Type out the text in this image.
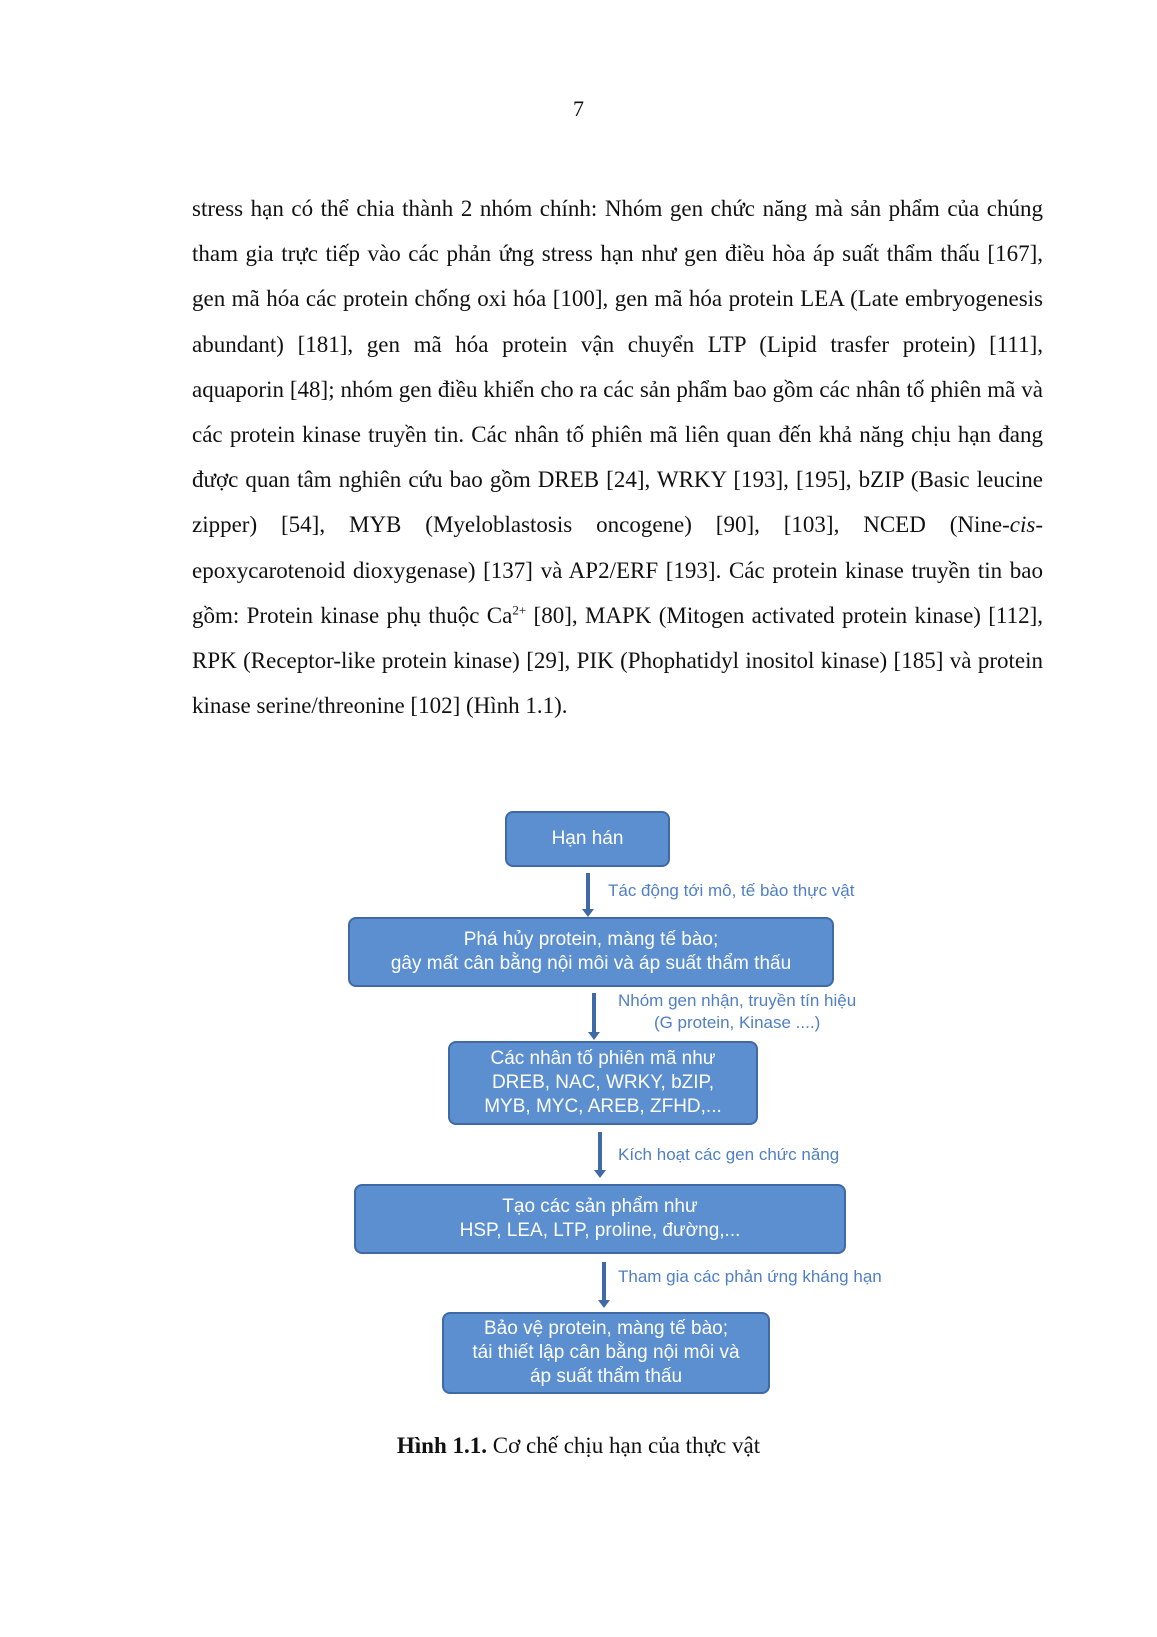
7
stress hạn có thể chia thành 2 nhóm chính: Nhóm gen chức năng mà sản phẩm của chúng tham gia trực tiếp vào các phản ứng stress hạn như gen điều hòa áp suất thẩm thấu [167], gen mã hóa các protein chống oxi hóa [100], gen mã hóa protein LEA (Late embryogenesis abundant) [181], gen mã hóa protein vận chuyển LTP (Lipid trasfer protein) [111], aquaporin [48]; nhóm gen điều khiển cho ra các sản phẩm bao gồm các nhân tố phiên mã và các protein kinase truyền tin. Các nhân tố phiên mã liên quan đến khả năng chịu hạn đang được quan tâm nghiên cứu bao gồm DREB [24], WRKY [193], [195], bZIP (Basic leucine zipper) [54], MYB (Myeloblastosis oncogene) [90], [103], NCED (Nine-cis-epoxycarotenoid dioxygenase) [137] và AP2/ERF [193]. Các protein kinase truyền tin bao gồm: Protein kinase phụ thuộc $Ca^{2+}$ [80], MAPK (Mitogen activated protein kinase) [112], RPK (Receptor-like protein kinase) [29], PIK (Phophatidyl inositol kinase) [185] và protein kinase serine/threonine [102] (Hình 1.1).
Hạn hán
Tác động tới mô, tế bào thực vật
Phá hủy protein, màng tế bào;
gây mất cân bằng nội môi và áp suất thẩm thấu
Nhóm gen nhận, truyền tín hiệu
(G protein, Kinase ....)
Các nhân tố phiên mã như
DREB, NAC, WRKY, bZIP,
MYB, MYC, AREB, ZFHD,...
Kích hoạt các gen chức năng
Tạo các sản phẩm như
HSP, LEA, LTP, proline, đường,...
Tham gia các phản ứng kháng hạn
Bảo vệ protein, màng tế bào;
tái thiết lập cân bằng nội môi và
áp suất thẩm thấu
Hình 1.1. Cơ chế chịu hạn của thực vật
